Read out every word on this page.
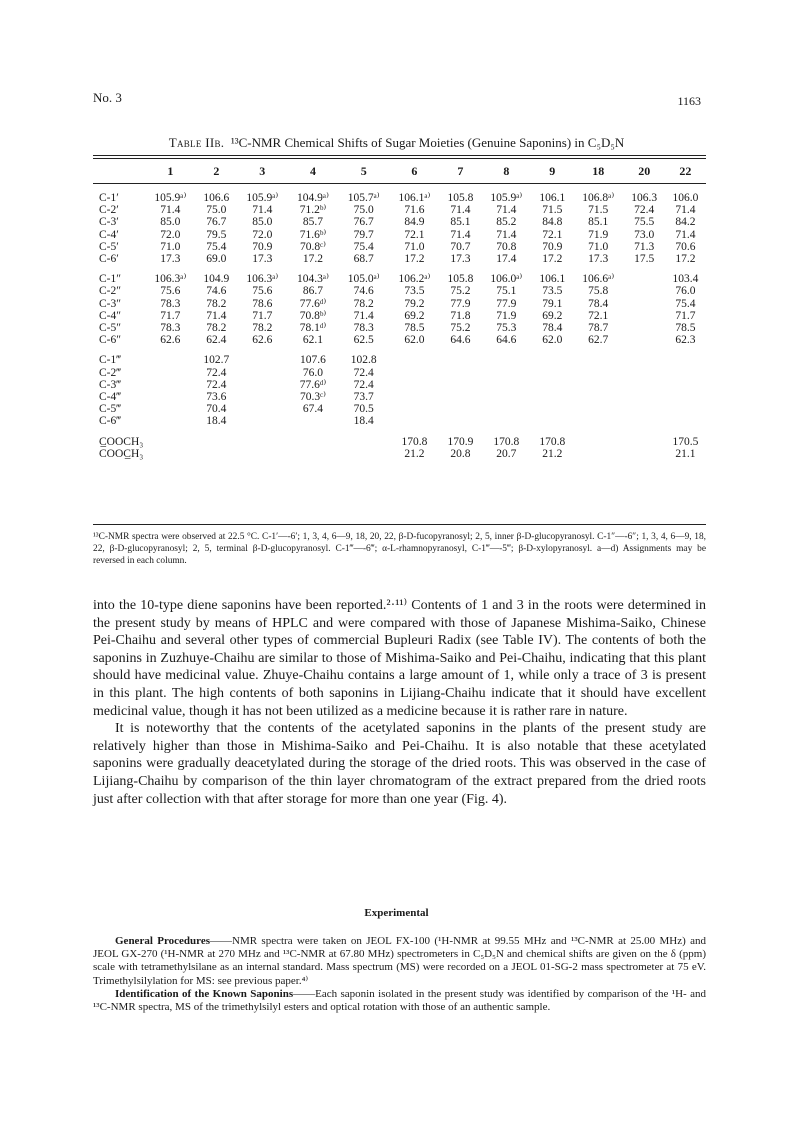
No. 3	1163
Table IIb. ¹³C-NMR Chemical Shifts of Sugar Moieties (Genuine Saponins) in C₅D₅N
	1	2	3	4	5	6	7	8	9	18	20	22

C-1′	105.9ᵃ⁾	106.6	105.9ᵃ⁾	104.9ᵃ⁾	105.7ᵃ⁾	106.1ᵃ⁾	105.8	105.9ᵃ⁾	106.1	106.8ᵃ⁾	106.3	106.0
C-2′	71.4	75.0	71.4	71.2ᵇ⁾	75.0	71.6	71.4	71.4	71.5	71.5	72.4	71.4
C-3′	85.0	76.7	85.0	85.7	76.7	84.9	85.1	85.2	84.8	85.1	75.5	84.2
C-4′	72.0	79.5	72.0	71.6ᵇ⁾	79.7	72.1	71.4	71.4	72.1	71.9	73.0	71.4
C-5′	71.0	75.4	70.9	70.8ᶜ⁾	75.4	71.0	70.7	70.8	70.9	71.0	71.3	70.6
C-6′	17.3	69.0	17.3	17.2	68.7	17.2	17.3	17.4	17.2	17.3	17.5	17.2

C-1″	106.3ᵃ⁾	104.9	106.3ᵃ⁾	104.3ᵃ⁾	105.0ᵃ⁾	106.2ᵃ⁾	105.8	106.0ᵃ⁾	106.1	106.6ᵃ⁾		103.4
C-2″	75.6	74.6	75.6	86.7	74.6	73.5	75.2	75.1	73.5	75.8		76.0
C-3″	78.3	78.2	78.6	77.6ᵈ⁾	78.2	79.2	77.9	77.9	79.1	78.4		75.4
C-4″	71.7	71.4	71.7	70.8ᵇ⁾	71.4	69.2	71.8	71.9	69.2	72.1		71.7
C-5″	78.3	78.2	78.2	78.1ᵈ⁾	78.3	78.5	75.2	75.3	78.4	78.7		78.5
C-6″	62.6	62.4	62.6	62.1	62.5	62.0	64.6	64.6	62.0	62.7		62.3

C-1‴		102.7		107.6	102.8							
C-2‴		72.4		76.0	72.4							
C-3‴		72.4		77.6ᵈ⁾	72.4							
C-4‴		73.6		70.3ᶜ⁾	73.7							
C-5‴		70.4		67.4	70.5							
C-6‴		18.4			18.4							

C̲OOCH₃						170.8	170.9	170.8	170.8			170.5
COOC̲H₃						21.2	20.8	20.7	21.2			21.1
¹³C-NMR spectra were observed at 22.5 °C. C-1′—-6′; 1, 3, 4, 6—9, 18, 20, 22, β-D-fucopyranosyl; 2, 5, inner β-D-glucopyranosyl. C-1″—-6″; 1, 3, 4, 6—9, 18, 22, β-D-glucopyranosyl; 2, 5, terminal β-D-glucopyranosyl. C-1‴—-6‴; α-L-rhamnopyranosyl, C-1‴—-5‴; β-D-xylopyranosyl. a—d) Assignments may be reversed in each column.

into the 10-type diene saponins have been reported.²·¹¹⁾ Contents of 1 and 3 in the roots were determined in the present study by means of HPLC and were compared with those of Japanese Mishima-Saiko, Chinese Pei-Chaihu and several other types of commercial Bupleuri Radix (see Table IV). The contents of both the saponins in Zuzhuye-Chaihu are similar to those of Mishima-Saiko and Pei-Chaihu, indicating that this plant should have medicinal value. Zhuye-Chaihu contains a large amount of 1, while only a trace of 3 is present in this plant. The high contents of both saponins in Lijiang-Chaihu indicate that it should have excellent medicinal value, though it has not been utilized as a medicine because it is rather rare in nature.

It is noteworthy that the contents of the acetylated saponins in the plants of the present study are relatively higher than those in Mishima-Saiko and Pei-Chaihu. It is also notable that these acetylated saponins were gradually deacetylated during the storage of the dried roots. This was observed in the case of Lijiang-Chaihu by comparison of the thin layer chromatogram of the extract prepared from the dried roots just after collection with that after storage for more than one year (Fig. 4).

Experimental

General Procedures——NMR spectra were taken on JEOL FX-100 (¹H-NMR at 99.55 MHz and ¹³C-NMR at 25.00 MHz) and JEOL GX-270 (¹H-NMR at 270 MHz and ¹³C-NMR at 67.80 MHz) spectrometers in C₅D₅N and chemical shifts are given on the δ (ppm) scale with tetramethylsilane as an internal standard. Mass spectrum (MS) were recorded on a JEOL 01-SG-2 mass spectrometer at 75 eV. Trimethylsilylation for MS: see previous paper.⁴⁾

Identification of the Known Saponins——Each saponin isolated in the present study was identified by comparison of the ¹H- and ¹³C-NMR spectra, MS of the trimethylsilyl esters and optical rotation with those of an authentic sample.
